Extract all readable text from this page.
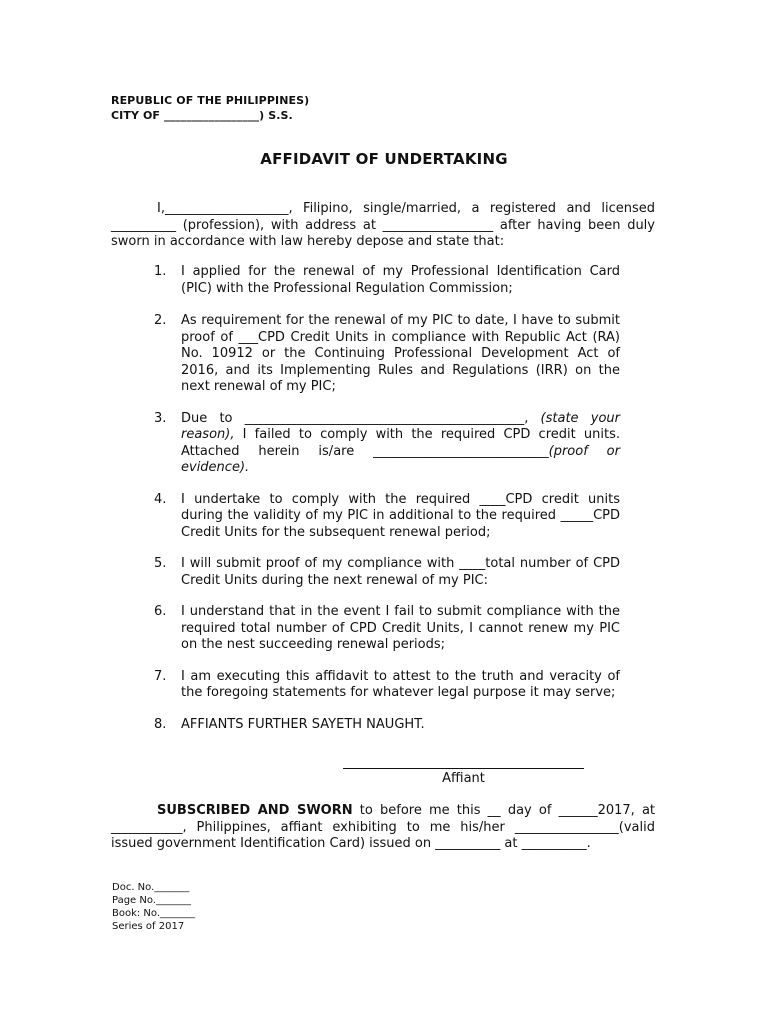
REPUBLIC OF THE PHILIPPINES)
CITY OF _________________) S.S.
AFFIDAVIT OF UNDERTAKING
I,___________________, Filipino, single/married, a registered and licensed __________ (profession), with address at _________________ after having been duly sworn in accordance with law hereby depose and state that:
1. I applied for the renewal of my Professional Identification Card (PIC) with the Professional Regulation Commission;
2. As requirement for the renewal of my PIC to date, I have to submit proof of ___CPD Credit Units in compliance with Republic Act (RA) No. 10912 or the Continuing Professional Development Act of 2016, and its Implementing Rules and Regulations (IRR) on the next renewal of my PIC;
3. Due to ___________________________________________, (state your reason), I failed to comply with the required CPD credit units. Attached herein is/are ___________________________(proof or evidence).
4. I undertake to comply with the required ____CPD credit units during the validity of my PIC in additional to the required _____CPD Credit Units for the subsequent renewal period;
5. I will submit proof of my compliance with ____total number of CPD Credit Units during the next renewal of my PIC:
6. I understand that in the event I fail to submit compliance with the required total number of CPD Credit Units, I cannot renew my PIC on the nest succeeding renewal periods;
7. I am executing this affidavit to attest to the truth and veracity of the foregoing statements for whatever legal purpose it may serve;
8. AFFIANTS FURTHER SAYETH NAUGHT.
Affiant
SUBSCRIBED AND SWORN to before me this __ day of ______2017, at ___________, Philippines, affiant exhibiting to me his/her ________________(valid issued government Identification Card) issued on __________ at __________.
Doc. No._______
Page No._______
Book: No._______
Series of 2017
